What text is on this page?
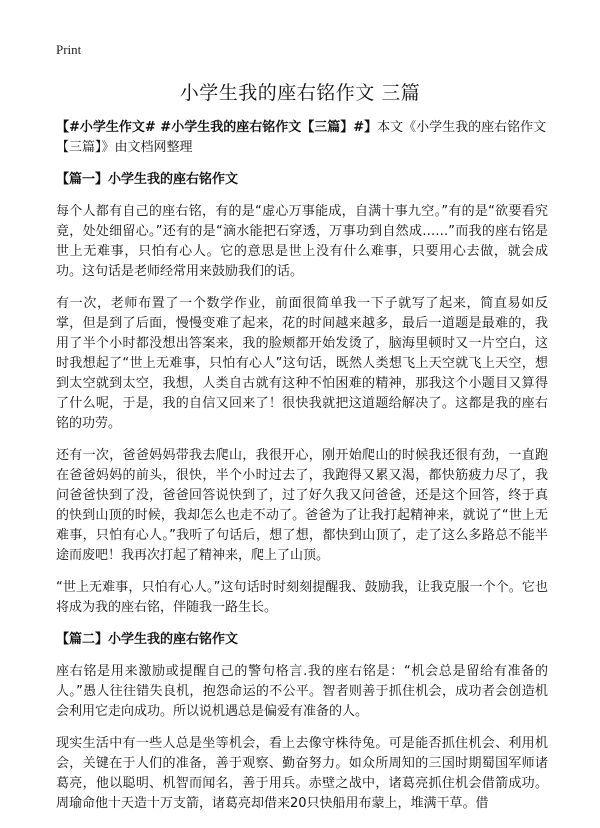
Print
小学生我的座右铭作文 三篇

【#小学生作文# #小学生我的座右铭作文【三篇】#】本文《小学生我的座右铭作文【三篇】》由文档网整理

【篇一】小学生我的座右铭作文

每个人都有自己的座右铭，有的是“虚心万事能成，自满十事九空。”有的是“欲要看究竟，处处细留心。”还有的是“滴水能把石穿透，万事功到自然成……”而我的座右铭是世上无难事，只怕有心人。它的意思是世上没有什么难事，只要用心去做，就会成功。这句话是老师经常用来鼓励我们的话。

有一次，老师布置了一个数学作业，前面很简单我一下子就写了起来，简直易如反掌，但是到了后面，慢慢变难了起来，花的时间越来越多，最后一道题是最难的，我用了半个小时都没想出答案来，我的脸颊都开始发烫了，脑海里顿时又一片空白，这时我想起了“世上无难事，只怕有心人”这句话，既然人类想飞上天空就飞上天空，想到太空就到太空，我想，人类自古就有这种不怕困难的精神，那我这个小题目又算得了什么呢，于是，我的自信又回来了！很快我就把这道题给解决了。这都是我的座右铭的功劳。

还有一次，爸爸妈妈带我去爬山，我很开心，刚开始爬山的时候我还很有劲，一直跑在爸爸妈妈的前头，很快，半个小时过去了，我跑得又累又渴，都快筋疲力尽了，我问爸爸快到了没，爸爸回答说快到了，过了好久我又问爸爸，还是这个回答，终于真的快到山顶的时候，我却怎么也走不动了。爸爸为了让我打起精神来，就说了“世上无难事，只怕有心人。”我听了句话后，想了想，都快到山顶了，走了这么多路总不能半途而废吧！我再次打起了精神来，爬上了山顶。

“世上无难事，只怕有心人。”这句话时时刻刻提醒我、鼓励我，让我克服一个个。它也将成为我的座右铭，伴随我一路生长。

【篇二】小学生我的座右铭作文

座右铭是用来激励或提醒自己的警句格言.我的座右铭是：“机会总是留给有准备的人。”愚人往往错失良机，抱怨命运的不公平。智者则善于抓住机会，成功者会创造机会利用它走向成功。所以说机遇总是偏爱有准备的人。

现实生活中有一些人总是坐等机会，看上去像守株待兔。可是能否抓住机会、利用机会，关键在于人们的准备，善于观察、勤奋努力。如众所周知的三国时期蜀国军师诸葛亮，他以聪明、机智而闻名，善于用兵。赤壁之战中，诸葛亮抓住机会借箭成功。周瑜命他十天造十万支箭，诸葛亮却借来20只快船用布蒙上，堆满干草。借
